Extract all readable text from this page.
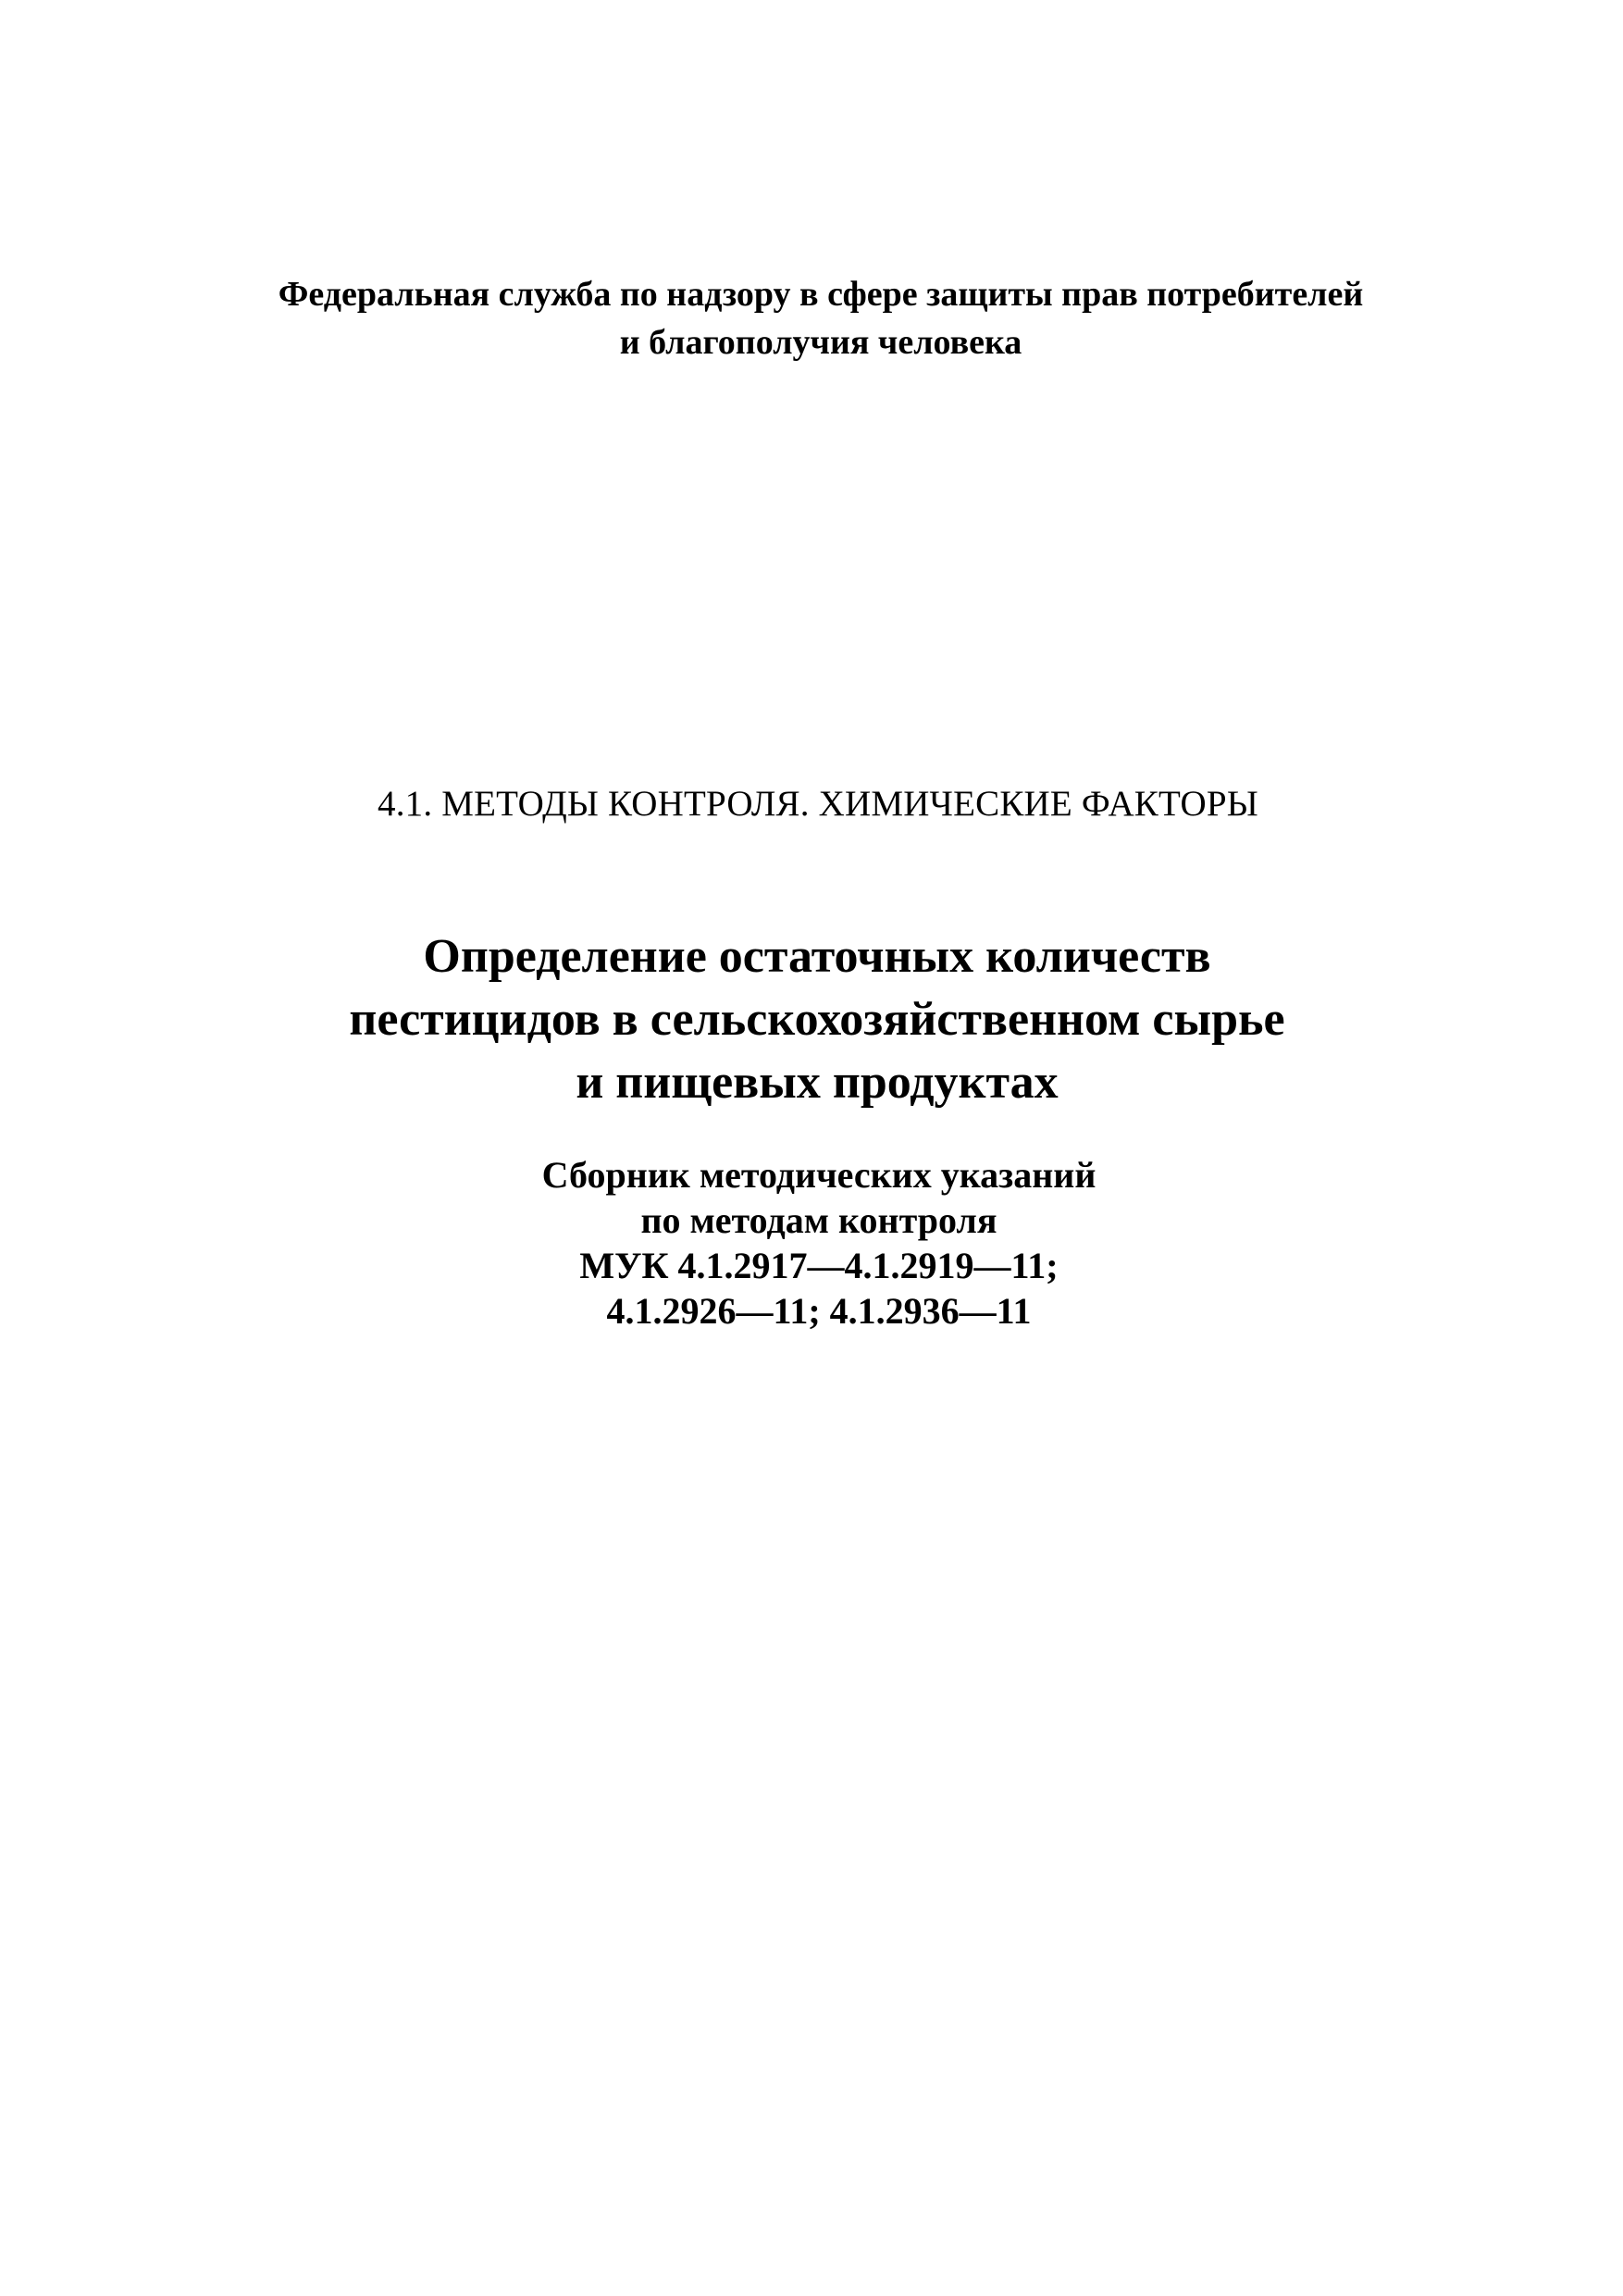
Федеральная служба по надзору в сфере защиты прав потребителей
и благополучия человека
4.1. МЕТОДЫ КОНТРОЛЯ. ХИМИЧЕСКИЕ ФАКТОРЫ
Определение остаточных количеств
пестицидов в сельскохозяйственном сырье
и пищевых продуктах
Сборник методических указаний
по методам контроля
МУК 4.1.2917—4.1.2919—11;
4.1.2926—11; 4.1.2936—11
